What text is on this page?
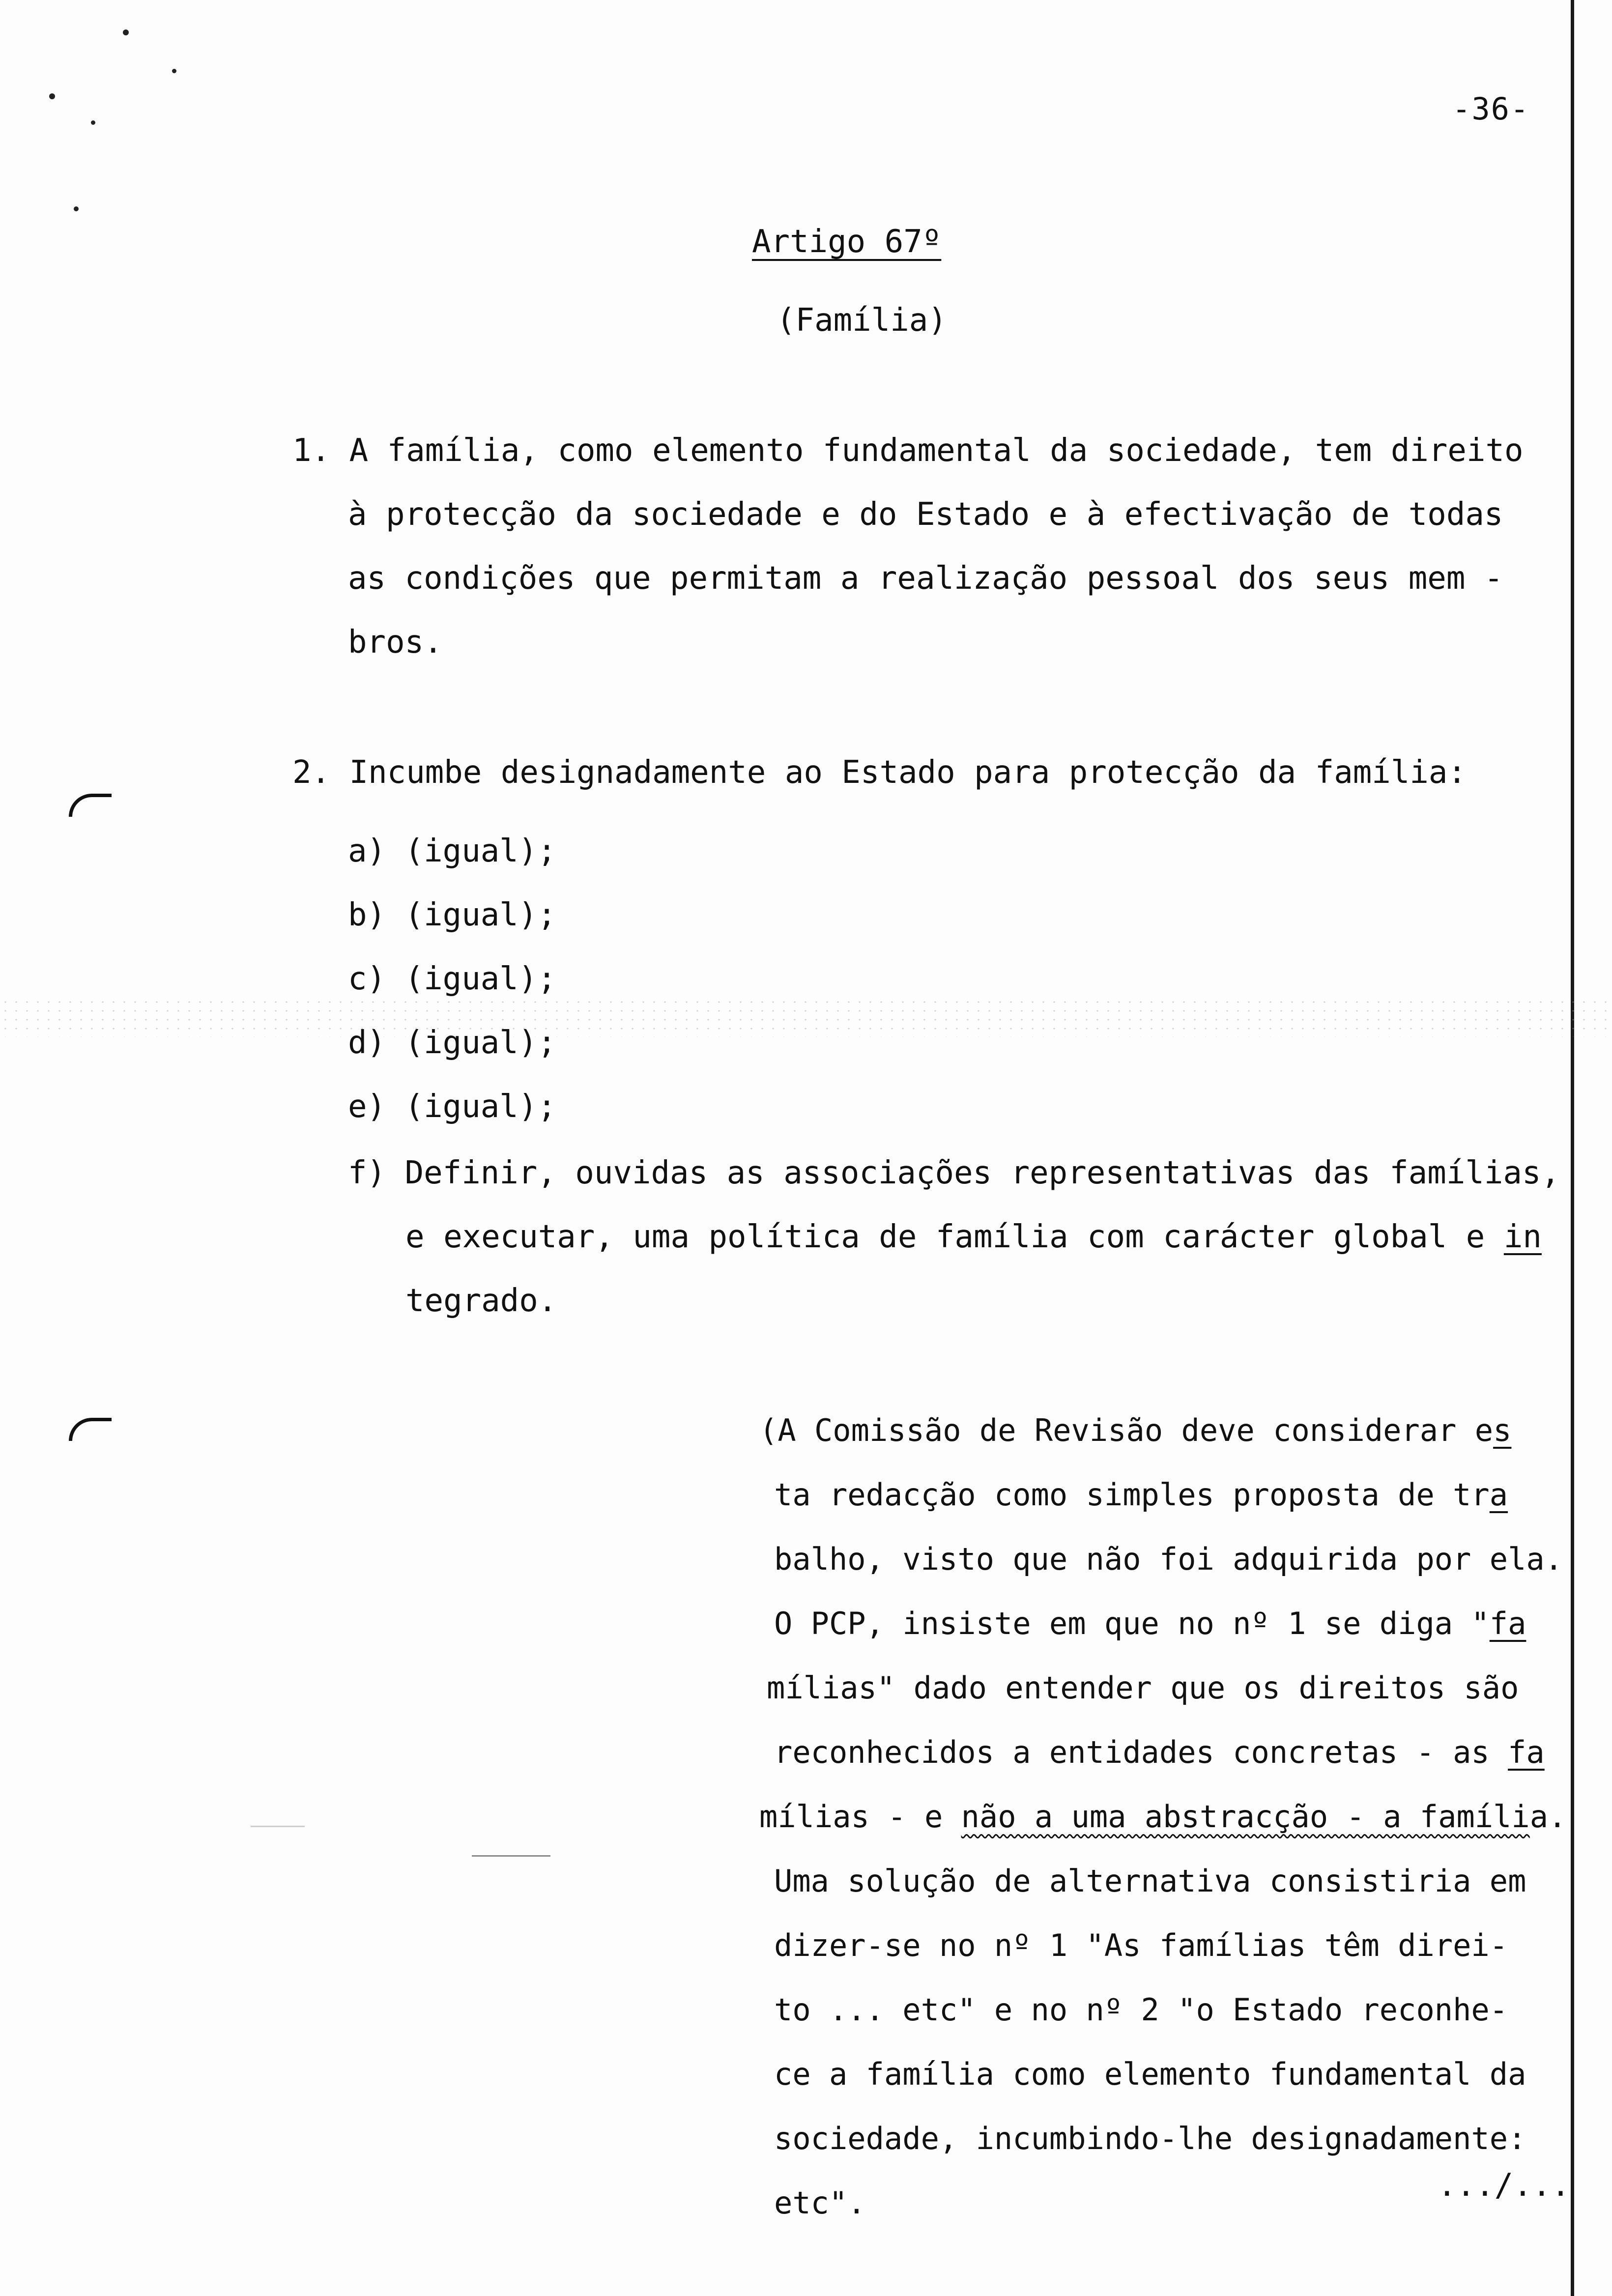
-36-
Artigo 67º
(Família)
1. A família, como elemento fundamental da sociedade, tem direito
à protecção da sociedade e do Estado e à efectivação de todas
as condições que permitam a realização pessoal dos seus mem -
bros.
2. Incumbe designadamente ao Estado para protecção da família:
a) (igual);
b) (igual);
c) (igual);
d) (igual);
e) (igual);
f) Definir, ouvidas as associações representativas das famílias,
e executar, uma política de família com carácter global e in
tegrado.
(A Comissão de Revisão deve considerar es
ta redacção como simples proposta de tra
balho, visto que não foi adquirida por ela.
O PCP, insiste em que no nº 1 se diga "fa
mílias" dado entender que os direitos são
reconhecidos a entidades concretas - as fa
mílias - e não a uma abstracção - a família.
Uma solução de alternativa consistiria em
dizer-se no nº 1 "As famílias têm direi-
to ... etc" e no nº 2 "o Estado reconhe-
ce a família como elemento fundamental da
sociedade, incumbindo-lhe designadamente:
etc".	.../...
